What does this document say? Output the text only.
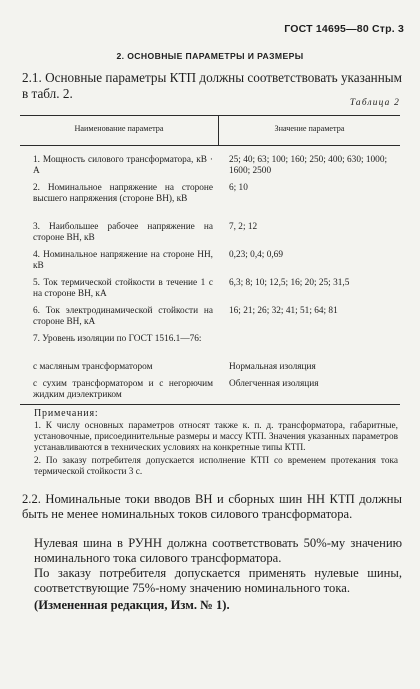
ГОСТ 14695—80 Стр. 3
2. ОСНОВНЫЕ ПАРАМЕТРЫ И РАЗМЕРЫ
2.1. Основные параметры КТП должны соответствовать указанным в табл. 2.
Таблица 2
Наименование параметра	Значение параметра
1. Мощность силового трансформатора, кВ · А
25; 40; 63; 100; 160; 250; 400; 630; 1000; 1600; 2500
2. Номинальное напряжение на стороне высшего напряжения (стороне ВН), кВ
6; 10
3. Наибольшее рабочее напряжение на стороне ВН, кВ
7, 2; 12
4. Номинальное напряжение на стороне НН, кВ
0,23; 0,4; 0,69
5. Ток термической стойкости в течение 1 с на стороне ВН, кА
6,3; 8; 10; 12,5; 16; 20; 25; 31,5
6. Ток электродинамической стойкости на стороне ВН, кА
16; 21; 26; 32; 41; 51; 64; 81
7. Уровень изоляции по ГОСТ 1516.1—76:
с масляным трансформатором	Нормальная изоляция
с сухим трансформатором и с негорючим жидким диэлектриком
Облегченная изоляция
Примечания:
1. К числу основных параметров относят также к. п. д. трансформатора, габаритные, установочные, присоединительные размеры и массу КТП. Значения указанных параметров устанавливаются в технических условиях на конкретные типы КТП.
2. По заказу потребителя допускается исполнение КТП со временем протекания тока термической стойкости 3 с.
2.2. Номинальные токи вводов ВН и сборных шин НН КТП должны быть не менее номинальных токов силового трансформатора.
Нулевая шина в РУНН должна соответствовать 50%-му значению номинального тока силового трансформатора.
По заказу потребителя допускается применять нулевые шины, соответствующие 75%-ному значению номинального тока.
(Измененная редакция, Изм. № 1).
